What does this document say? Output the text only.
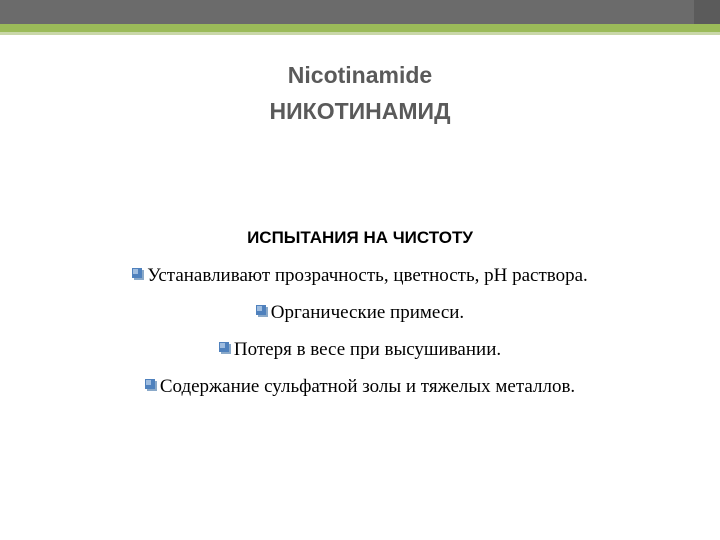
Nicotinamide

НИКОТИНАМИД

ИСПЫТАНИЯ НА ЧИСТОТУ

Устанавливают прозрачность, цветность, рН раствора.

Органические примеси.

Потеря в весе при высушивании.

Содержание сульфатной золы и тяжелых металлов.
